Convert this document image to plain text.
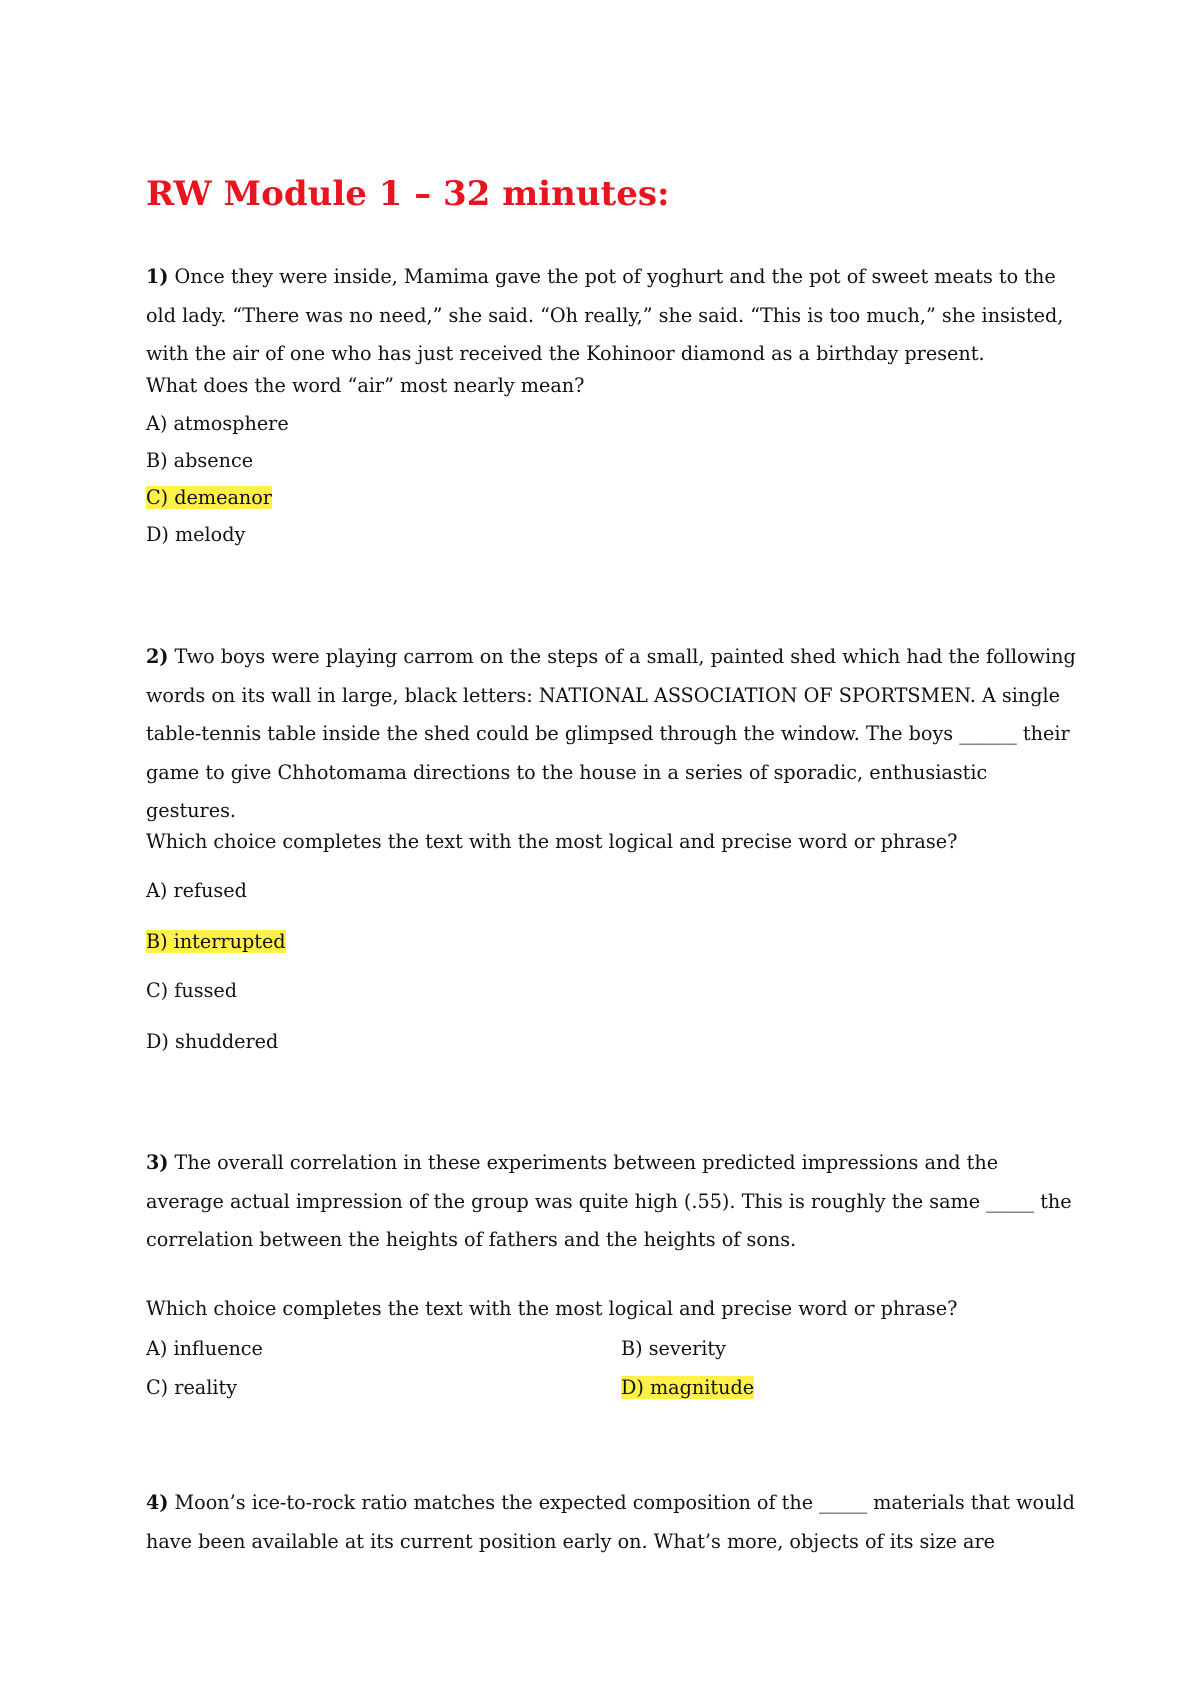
RW Module 1 – 32 minutes:

1) Once they were inside, Mamima gave the pot of yoghurt and the pot of sweet meats to the old lady. “There was no need,” she said. “Oh really,” she said. “This is too much,” she insisted, with the air of one who has just received the Kohinoor diamond as a birthday present.

What does the word “air” most nearly mean?

A) atmosphere

B) absence

C) demeanor

D) melody

2) Two boys were playing carrom on the steps of a small, painted shed which had the following words on its wall in large, black letters: NATIONAL ASSOCIATION OF SPORTSMEN. A single table-tennis table inside the shed could be glimpsed through the window. The boys ______ their game to give Chhotomama directions to the house in a series of sporadic, enthusiastic gestures.

Which choice completes the text with the most logical and precise word or phrase?

A) refused

B) interrupted

C) fussed

D) shuddered

3) The overall correlation in these experiments between predicted impressions and the average actual impression of the group was quite high (.55). This is roughly the same _____ the correlation between the heights of fathers and the heights of sons.

Which choice completes the text with the most logical and precise word or phrase?

A) influence	B) severity

C) reality	D) magnitude

4) Moon’s ice-to-rock ratio matches the expected composition of the _____ materials that would have been available at its current position early on. What’s more, objects of its size are
